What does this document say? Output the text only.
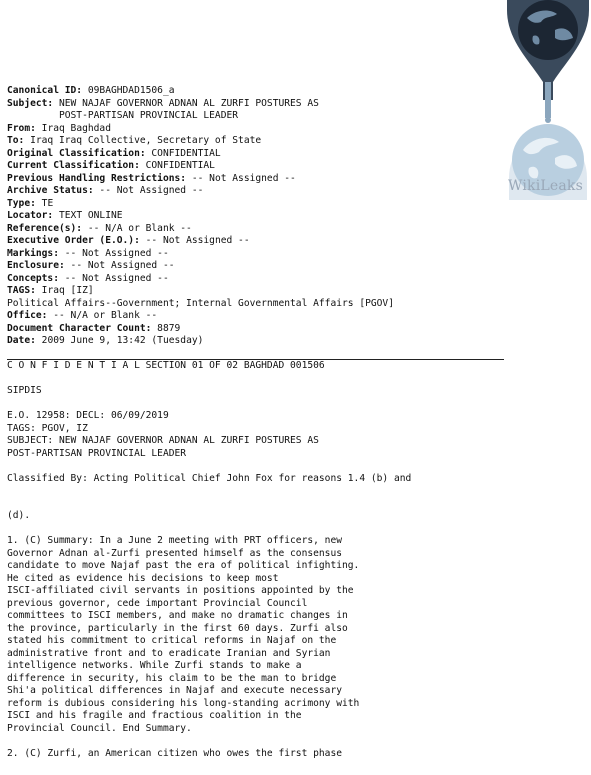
WikiLeaks
Canonical ID: 09BAGHDAD1506_a
Subject: NEW NAJAF GOVERNOR ADNAN AL ZURFI POSTURES AS
POST-PARTISAN PROVINCIAL LEADER
From: Iraq Baghdad
To: Iraq Iraq Collective, Secretary of State
Original Classification: CONFIDENTIAL
Current Classification: CONFIDENTIAL
Previous Handling Restrictions: -- Not Assigned --
Archive Status: -- Not Assigned --
Type: TE
Locator: TEXT ONLINE
Reference(s): -- N/A or Blank --
Executive Order (E.O.): -- Not Assigned --
Markings: -- Not Assigned --
Enclosure: -- Not Assigned --
Concepts: -- Not Assigned --
TAGS: Iraq [IZ]
Political Affairs--Government; Internal Governmental Affairs [PGOV]
Office: -- N/A or Blank --
Document Character Count: 8879
Date: 2009 June 9, 13:42 (Tuesday)
C O N F I D E N T I A L SECTION 01 OF 02 BAGHDAD 001506
SIPDIS
E.O. 12958: DECL: 06/09/2019
TAGS: PGOV, IZ
SUBJECT: NEW NAJAF GOVERNOR ADNAN AL ZURFI POSTURES AS
POST-PARTISAN PROVINCIAL LEADER
Classified By: Acting Political Chief John Fox for reasons 1.4 (b) and
(d).
1. (C) Summary: In a June 2 meeting with PRT officers, new
Governor Adnan al-Zurfi presented himself as the consensus
candidate to move Najaf past the era of political infighting.
He cited as evidence his decisions to keep most
ISCI-affiliated civil servants in positions appointed by the
previous governor, cede important Provincial Council
committees to ISCI members, and make no dramatic changes in
the province, particularly in the first 60 days. Zurfi also
stated his commitment to critical reforms in Najaf on the
administrative front and to eradicate Iranian and Syrian
intelligence networks. While Zurfi stands to make a
difference in security, his claim to be the man to bridge
Shi'a political differences in Najaf and execute necessary
reform is dubious considering his long-standing acrimony with
ISCI and his fragile and fractious coalition in the
Provincial Council. End Summary.
2. (C) Zurfi, an American citizen who owes the first phase
